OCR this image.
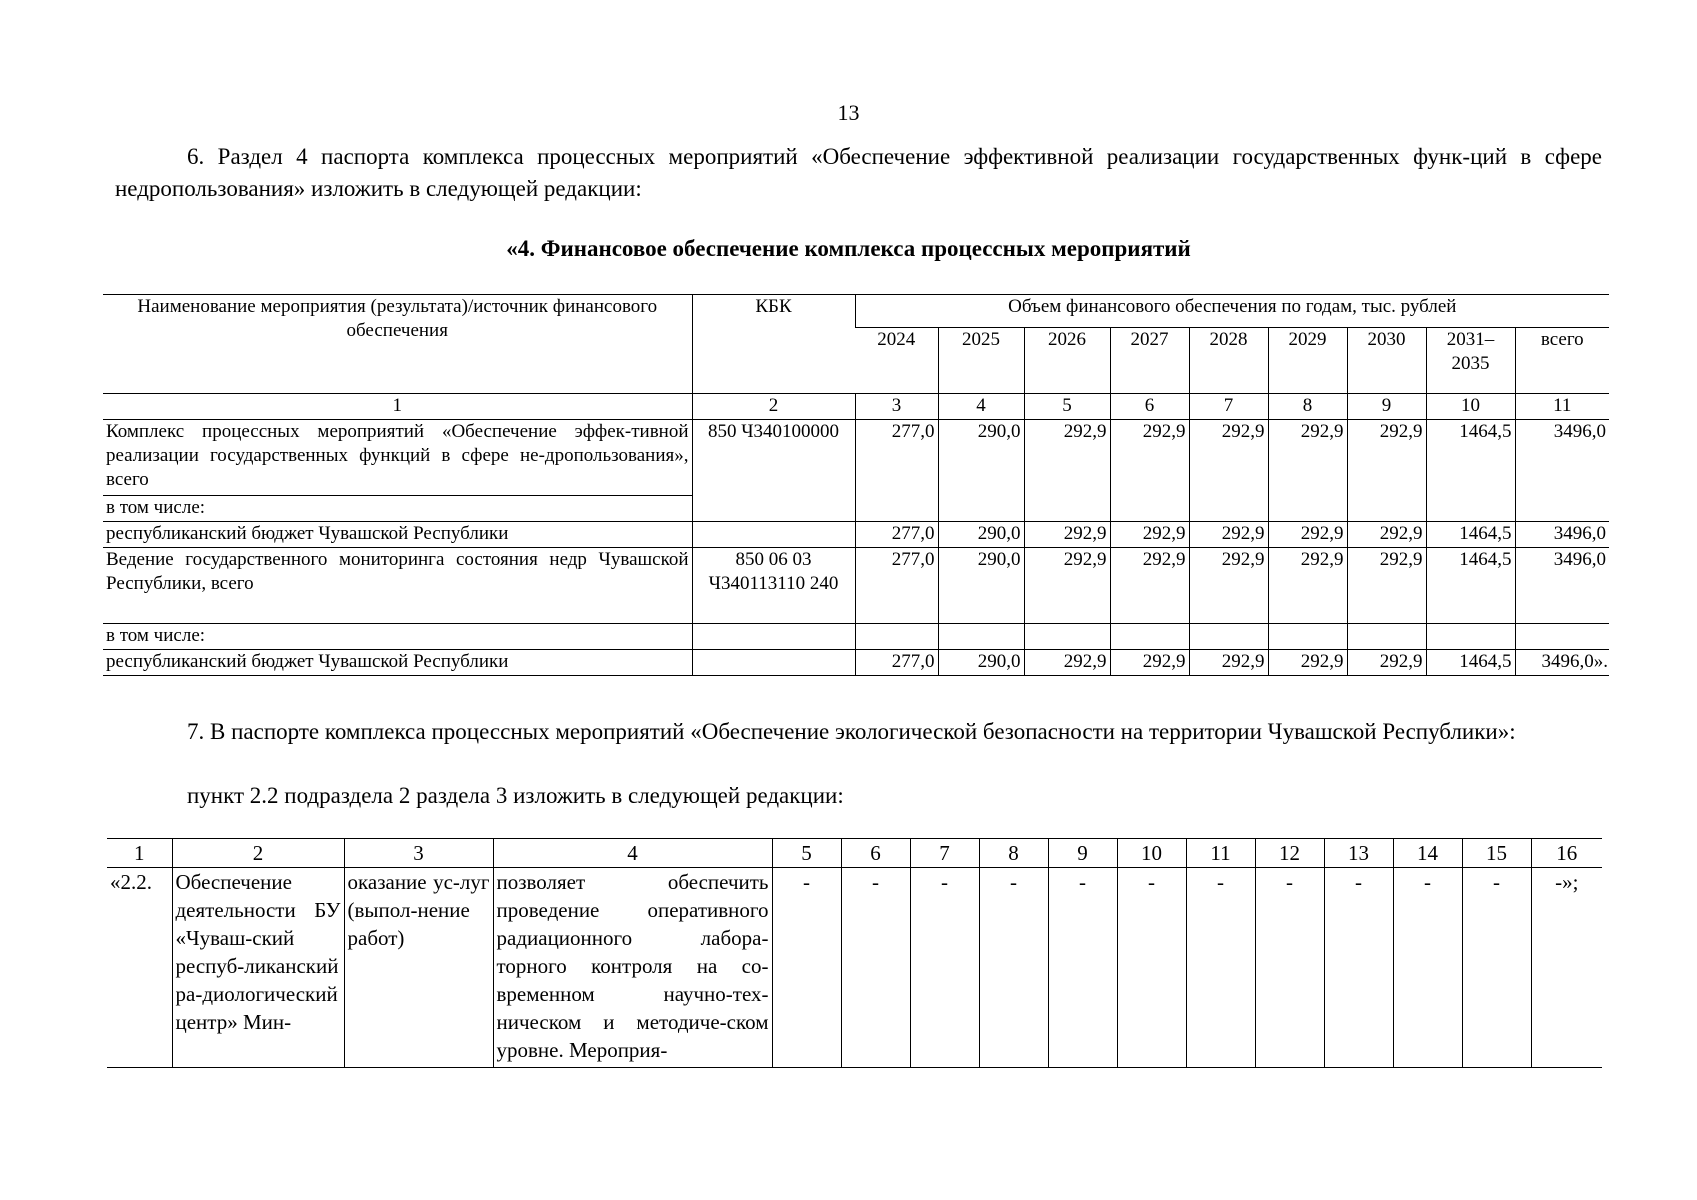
13
6. Раздел 4 паспорта комплекса процессных мероприятий «Обеспечение эффективной реализации государственных функ-ций в сфере недропользования» изложить в следующей редакции:
«4. Финансовое обеспечение комплекса процессных мероприятий
Наименование мероприятия (результата)/источник финансового обеспечения	КБК	Объем финансового обеспечения по годам, тыс. рублей								
		2024	2025	2026	2027	2028	2029	2030	2031–2035	всего
1	2	3	4	5	6	7	8	9	10	11
Комплекс процессных мероприятий «Обеспечение эффек-тивной реализации государственных функций в сфере не-дропользования», всего	850 Ч340100000	277,0	290,0	292,9	292,9	292,9	292,9	292,9	1464,5	3496,0
в том числе:										
республиканский бюджет Чувашской Республики		277,0	290,0	292,9	292,9	292,9	292,9	292,9	1464,5	3496,0
Ведение государственного мониторинга состояния недр Чувашской Республики, всего	850 06 03 Ч340113110 240	277,0	290,0	292,9	292,9	292,9	292,9	292,9	1464,5	3496,0
в том числе:										
республиканский бюджет Чувашской Республики		277,0	290,0	292,9	292,9	292,9	292,9	292,9	1464,5	3496,0».
7. В паспорте комплекса процессных мероприятий «Обеспечение экологической безопасности на территории Чувашской Республики»:
пункт 2.2 подраздела 2 раздела 3 изложить в следующей редакции:
1	2	3	4	5	6	7	8	9	10	11	12	13	14	15	16
«2.2.	Обеспечение деятельности БУ «Чуваш-ский респуб-ликанский ра-диологический центр» Мин-	оказание ус-луг (выпол-нение работ)	позволяет обеспечить проведение оперативного радиационного лабора-торного контроля на со-временном научно-тех-ническом и методиче-ском уровне. Мероприя-	-	-	-	-	-	-	-	-	-	-	-	-»;
